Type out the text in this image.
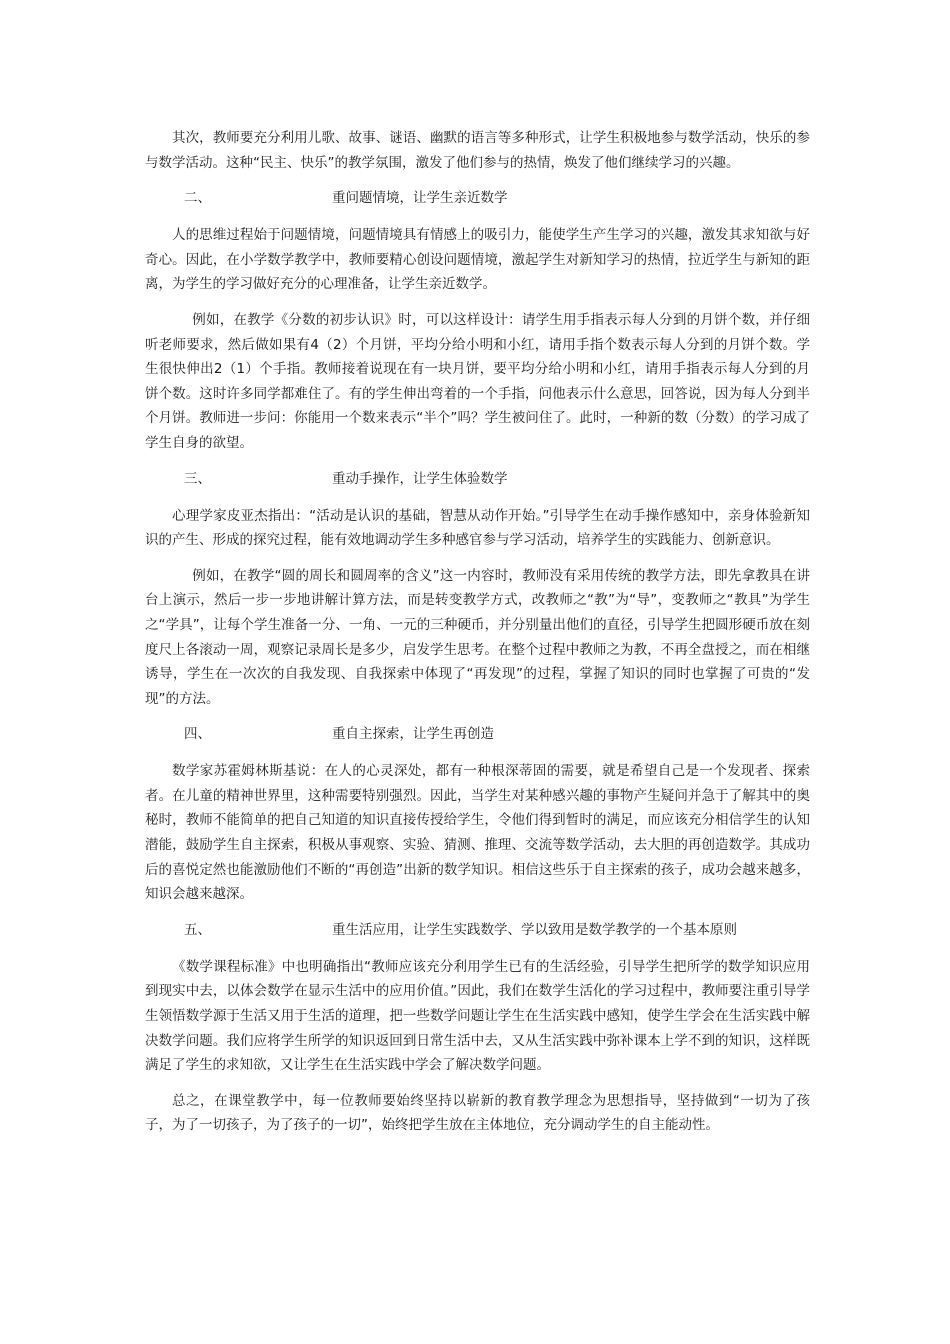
其次，教师要充分利用儿歌、故事、谜语、幽默的语言等多种形式，让学生积极地参与数学活动，快乐的参与数学活动。这种“民主、快乐”的教学氛围，激发了他们参与的热情，焕发了他们继续学习的兴趣。

二、	重问题情境，让学生亲近数学

人的思维过程始于问题情境，问题情境具有情感上的吸引力，能使学生产生学习的兴趣，激发其求知欲与好奇心。因此，在小学数学教学中，教师要精心创设问题情境，激起学生对新知学习的热情，拉近学生与新知的距离，为学生的学习做好充分的心理准备，让学生亲近数学。

例如，在教学《分数的初步认识》时，可以这样设计：请学生用手指表示每人分到的月饼个数，并仔细听老师要求，然后做如果有4（2）个月饼，平均分给小明和小红，请用手指个数表示每人分到的月饼个数。学生很快伸出2（1）个手指。教师接着说现在有一块月饼，要平均分给小明和小红，请用手指表示每人分到的月饼个数。这时许多同学都难住了。有的学生伸出弯着的一个手指，问他表示什么意思，回答说，因为每人分到半个月饼。教师进一步问：你能用一个数来表示“半个”吗？学生被问住了。此时，一种新的数（分数）的学习成了学生自身的欲望。

三、	重动手操作，让学生体验数学

心理学家皮亚杰指出：“活动是认识的基础，智慧从动作开始。”引导学生在动手操作感知中，亲身体验新知识的产生、形成的探究过程，能有效地调动学生多种感官参与学习活动，培养学生的实践能力、创新意识。

例如，在教学“圆的周长和圆周率的含义”这一内容时，教师没有采用传统的教学方法，即先拿教具在讲台上演示，然后一步一步地讲解计算方法，而是转变教学方式，改教师之“教”为“导”，变教师之“教具”为学生之“学具”，让每个学生准备一分、一角、一元的三种硬币，并分别量出他们的直径，引导学生把圆形硬币放在刻度尺上各滚动一周，观察记录周长是多少，启发学生思考。在整个过程中教师之为教，不再全盘授之，而在相继诱导，学生在一次次的自我发现、自我探索中体现了“再发现”的过程，掌握了知识的同时也掌握了可贵的“发现”的方法。

四、	重自主探索，让学生再创造

数学家苏霍姆林斯基说：在人的心灵深处，都有一种根深蒂固的需要，就是希望自己是一个发现者、探索者。在儿童的精神世界里，这种需要特别强烈。因此，当学生对某种感兴趣的事物产生疑问并急于了解其中的奥秘时，教师不能简单的把自己知道的知识直接传授给学生，令他们得到暂时的满足，而应该充分相信学生的认知潜能，鼓励学生自主探索，积极从事观察、实验、猜测、推理、交流等数学活动，去大胆的再创造数学。其成功后的喜悦定然也能激励他们不断的“再创造”出新的数学知识。相信这些乐于自主探索的孩子，成功会越来越多，知识会越来越深。

五、	重生活应用，让学生实践数学、学以致用是数学教学的一个基本原则

《数学课程标准》中也明确指出“教师应该充分利用学生已有的生活经验，引导学生把所学的数学知识应用到现实中去，以体会数学在显示生活中的应用价值。”因此，我们在数学生活化的学习过程中，教师要注重引导学生领悟数学源于生活又用于生活的道理，把一些数学问题让学生在生活实践中感知，使学生学会在生活实践中解决数学问题。我们应将学生所学的知识返回到日常生活中去，又从生活实践中弥补课本上学不到的知识，这样既满足了学生的求知欲，又让学生在生活实践中学会了解决数学问题。

总之，在课堂教学中，每一位教师要始终坚持以崭新的教育教学理念为思想指导，坚持做到“一切为了孩子，为了一切孩子，为了孩子的一切”，始终把学生放在主体地位，充分调动学生的自主能动性。
